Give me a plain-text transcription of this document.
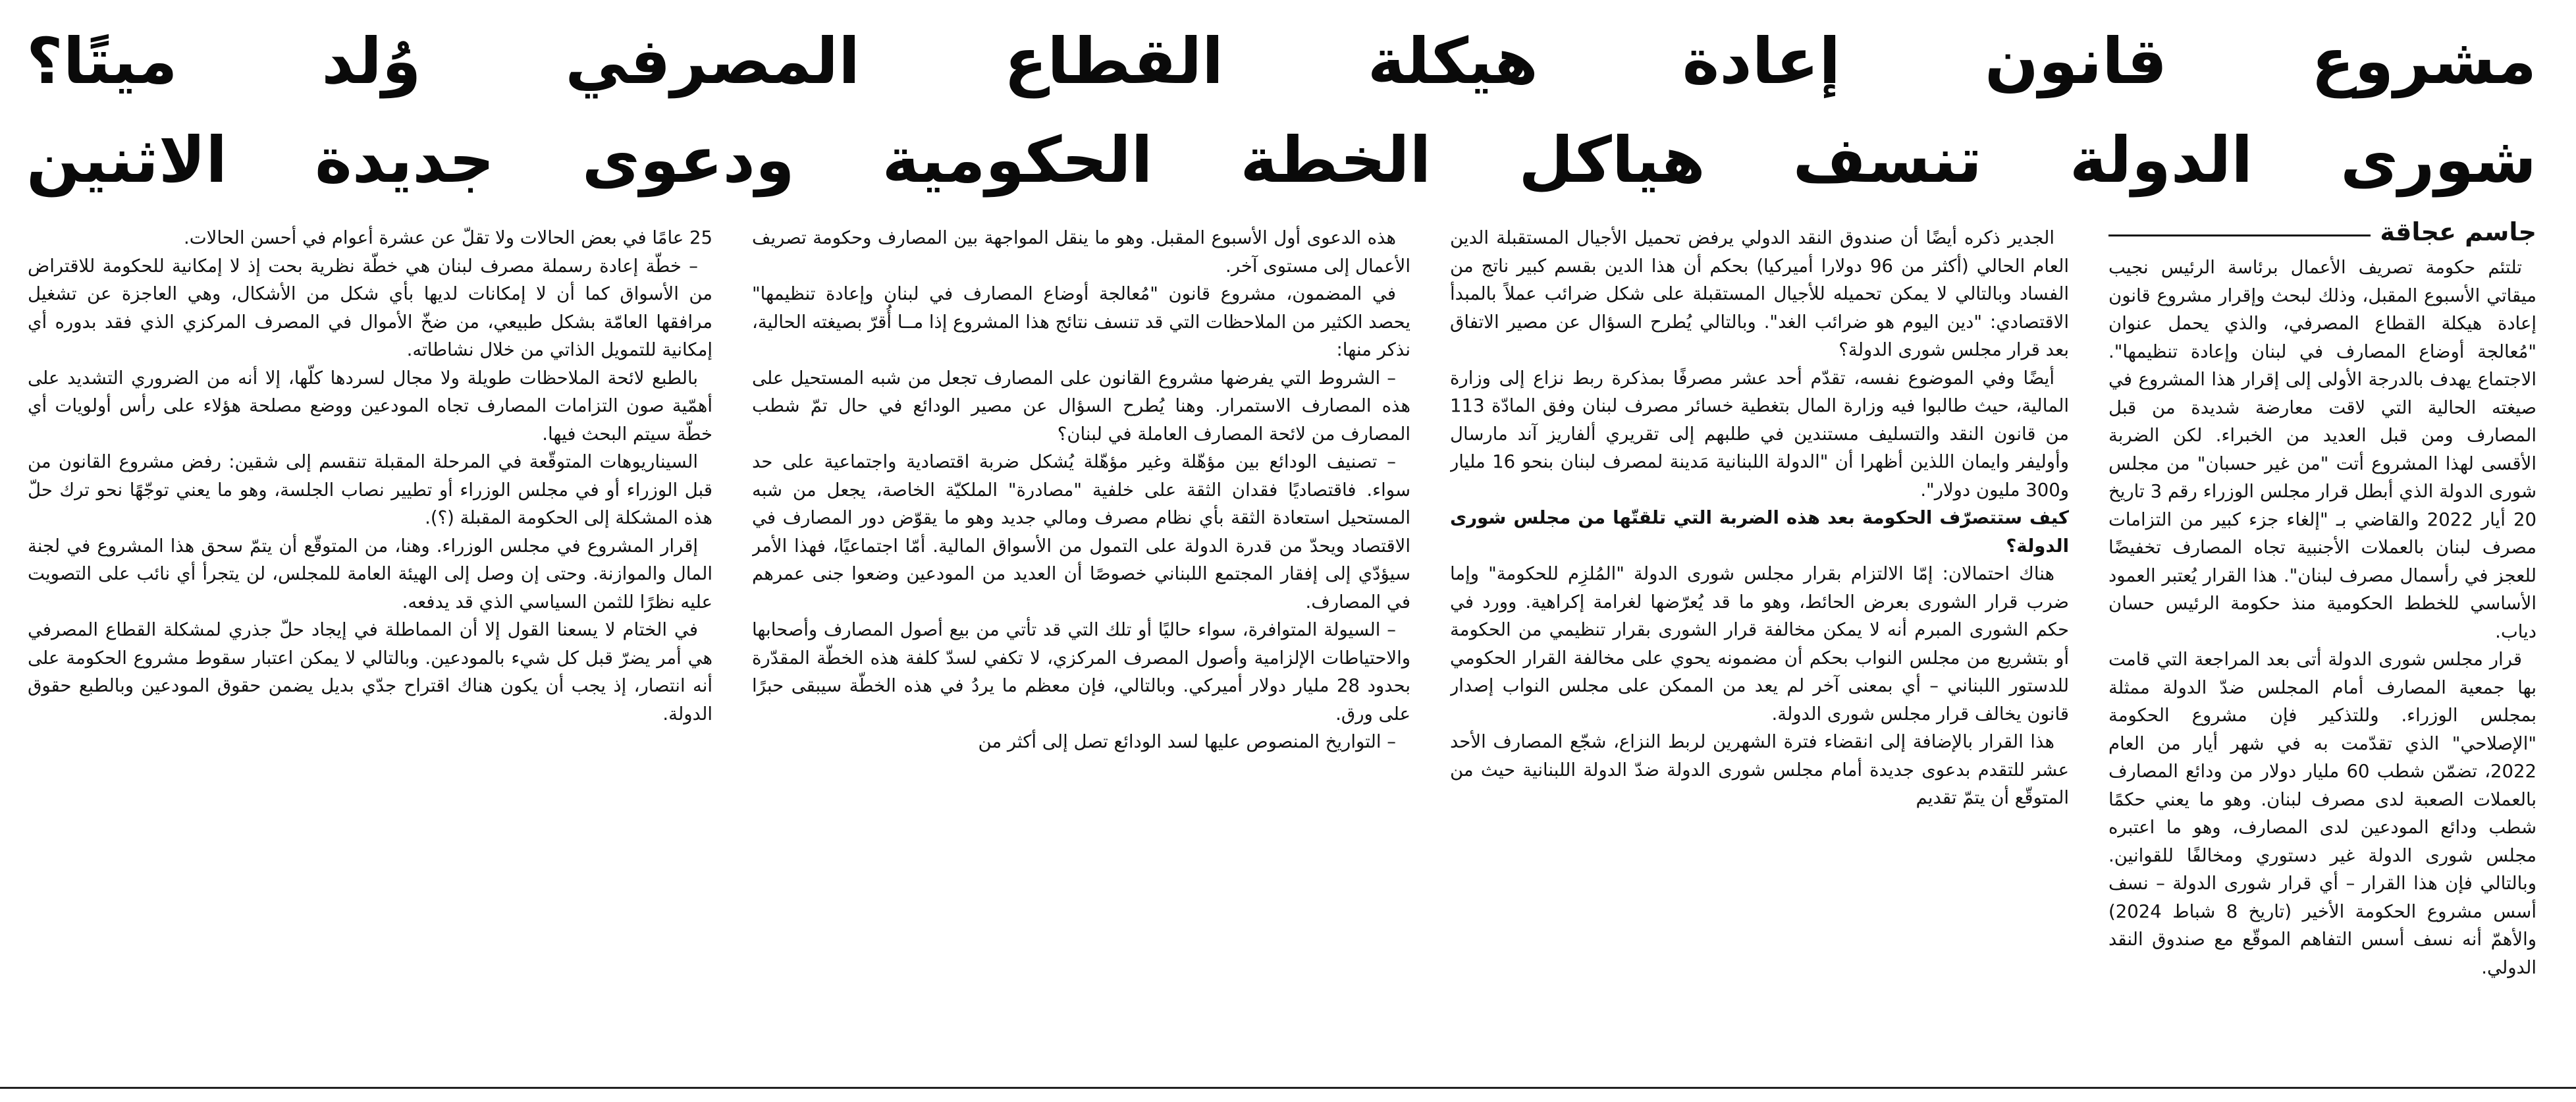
مشروع قانون إعادة هيكلة القطاع المصرفي وُلد ميتًا؟
شورى الدولة تنسف هياكل الخطة الحكومية ودعوى جديدة الاثنين
جاسم عجاقة

تلتئم حكومة تصريف الأعمال برئاسة الرئيس نجيب ميقاتي الأسبوع المقبل، وذلك لبحث وإقرار مشروع قانون إعادة هيكلة القطاع المصرفي، والذي يحمل عنوان "مُعالجة أوضاع المصارف في لبنان وإعادة تنظيمها". الاجتماع يهدف بالدرجة الأولى إلى إقرار هذا المشروع في صيغته الحالية التي لاقت معارضة شديدة من قبل المصارف ومن قبل العديد من الخبراء. لكن الضربة الأقسى لهذا المشروع أتت "من غير حسبان" من مجلس شورى الدولة الذي أبطل قرار مجلس الوزراء رقم 3 تاريخ 20 أيار 2022 والقاضي بـ "إلغاء جزء كبير من التزامات مصرف لبنان بالعملات الأجنبية تجاه المصارف تخفيضًا للعجز في رأسمال مصرف لبنان". هذا القرار يُعتبر العمود الأساسي للخطط الحكومية منذ حكومة الرئيس حسان دياب.

قرار مجلس شورى الدولة أتى بعد المراجعة التي قامت بها جمعية المصارف أمام المجلس ضدّ الدولة ممثلة بمجلس الوزراء. وللتذكير فإن مشروع الحكومة "الإصلاحي" الذي تقدّمت به في شهر أيار من العام 2022، تضمّن شطب 60 مليار دولار من ودائع المصارف بالعملات الصعبة لدى مصرف لبنان. وهو ما يعني حكمًا شطب ودائع المودعين لدى المصارف، وهو ما اعتبره مجلس شورى الدولة غير دستوري ومخالفًا للقوانين. وبالتالي فإن هذا القرار – أي قرار شورى الدولة – نسف أسس مشروع الحكومة الأخير (تاريخ 8 شباط 2024) والأهمّ أنه نسف أسس التفاهم الموقّع مع صندوق النقد الدولي.

الجدير ذكره أيضًا أن صندوق النقد الدولي يرفض تحميل الأجيال المستقبلة الدين العام الحالي (أكثر من 96 دولارا أميركيا) بحكم أن هذا الدين بقسم كبير ناتج من الفساد وبالتالي لا يمكن تحميله للأجيال المستقبلة على شكل ضرائب عملاً بالمبدأ الاقتصادي: "دين اليوم هو ضرائب الغد". وبالتالي يُطرح السؤال عن مصير الاتفاق بعد قرار مجلس شورى الدولة؟

أيضًا وفي الموضوع نفسه، تقدّم أحد عشر مصرفًا بمذكرة ربط نزاع إلى وزارة المالية، حيث طالبوا فيه وزارة المال بتغطية خسائر مصرف لبنان وفق المادّة 113 من قانون النقد والتسليف مستندين في طلبهم إلى تقريري ألفاريز آند مارسال وأوليفر وايمان اللذين أظهرا أن "الدولة اللبنانية مَدينة لمصرف لبنان بنحو 16 مليار و300 مليون دولار".

كيف ستتصرّف الحكومة بعد هذه الضربة التي تلقتّها من مجلس شورى الدولة؟

هناك احتمالان: إمّا الالتزام بقرار مجلس شورى الدولة "المُلزِم للحكومة" وإما ضرب قرار الشورى بعرض الحائط، وهو ما قد يُعرّضها لغرامة إكراهية. وورد في حكم الشورى المبرم أنه لا يمكن مخالفة قرار الشورى بقرار تنظيمي من الحكومة أو بتشريع من مجلس النواب بحكم أن مضمونه يحوي على مخالفة القرار الحكومي للدستور اللبناني – أي بمعنى آخر لم يعد من الممكن على مجلس النواب إصدار قانون يخالف قرار مجلس شورى الدولة.

هذا القرار بالإضافة إلى انقضاء فترة الشهرين لربط النزاع، شجّع المصارف الأحد عشر للتقدم بدعوى جديدة أمام مجلس شورى الدولة ضدّ الدولة اللبنانية حيث من المتوقّع أن يتمّ تقديم

هذه الدعوى أول الأسبوع المقبل. وهو ما ينقل المواجهة بين المصارف وحكومة تصريف الأعمال إلى مستوى آخر.

في المضمون، مشروع قانون "مُعالجة أوضاع المصارف في لبنان وإعادة تنظيمها" يحصد الكثير من الملاحظات التي قد تنسف نتائج هذا المشروع إذا مــا أُقرّ بصيغته الحالية، نذكر منها:

– الشروط التي يفرضها مشروع القانون على المصارف تجعل من شبه المستحيل على هذه المصارف الاستمرار. وهنا يُطرح السؤال عن مصير الودائع في حال تمّ شطب المصارف من لائحة المصارف العاملة في لبنان؟

– تصنيف الودائع بين مؤهّلة وغير مؤهّلة يُشكل ضربة اقتصادية واجتماعية على حد سواء. فاقتصاديًا فقدان الثقة على خلفية "مصادرة" الملكيّة الخاصة، يجعل من شبه المستحيل استعادة الثقة بأي نظام مصرف ومالي جديد وهو ما يقوّض دور المصارف في الاقتصاد ويحدّ من قدرة الدولة على التمول من الأسواق المالية. أمّا اجتماعيًا، فهذا الأمر سيؤدّي إلى إفقار المجتمع اللبناني خصوصًا أن العديد من المودعين وضعوا جنى عمرهم في المصارف.

– السيولة المتوافرة، سواء حاليًا أو تلك التي قد تأتي من بيع أصول المصارف وأصحابها والاحتياطات الإلزامية وأصول المصرف المركزي، لا تكفي لسدّ كلفة هذه الخطّة المقدّرة بحدود 28 مليار دولار أميركي. وبالتالي، فإن معظم ما يردُ في هذه الخطّة سيبقى حبرًا على ورق.

– التواريخ المنصوص عليها لسد الودائع تصل إلى أكثر من

25 عامًا في بعض الحالات ولا تقلّ عن عشرة أعوام في أحسن الحالات.

– خطّة إعادة رسملة مصرف لبنان هي خطّة نظرية بحت إذ لا إمكانية للحكومة للاقتراض من الأسواق كما أن لا إمكانات لديها بأي شكل من الأشكال، وهي العاجزة عن تشغيل مرافقها العامّة بشكل طبيعي، من ضخّ الأموال في المصرف المركزي الذي فقد بدوره أي إمكانية للتمويل الذاتي من خلال نشاطاته.

بالطبع لائحة الملاحظات طويلة ولا مجال لسردها كلّها، إلا أنه من الضروري التشديد على أهمّية صون التزامات المصارف تجاه المودعين ووضع مصلحة هؤلاء على رأس أولويات أي خطّة سيتم البحث فيها.

السيناريوهات المتوقّعة في المرحلة المقبلة تنقسم إلى شقين: رفض مشروع القانون من قبل الوزراء أو في مجلس الوزراء أو تطيير نصاب الجلسة، وهو ما يعني توجّهًا نحو ترك حلّ هذه المشكلة إلى الحكومة المقبلة (؟).

إقرار المشروع في مجلس الوزراء. وهنا، من المتوقّع أن يتمّ سحق هذا المشروع في لجنة المال والموازنة. وحتى إن وصل إلى الهيئة العامة للمجلس، لن يتجرأ أي نائب على التصويت عليه نظرًا للثمن السياسي الذي قد يدفعه.

في الختام لا يسعنا القول إلا أن المماطلة في إيجاد حلّ جذري لمشكلة القطاع المصرفي هي أمر يضرّ قبل كل شيء بالمودعين. وبالتالي لا يمكن اعتبار سقوط مشروع الحكومة على أنه انتصار، إذ يجب أن يكون هناك اقتراح جدّي بديل يضمن حقوق المودعين وبالطبع حقوق الدولة.
